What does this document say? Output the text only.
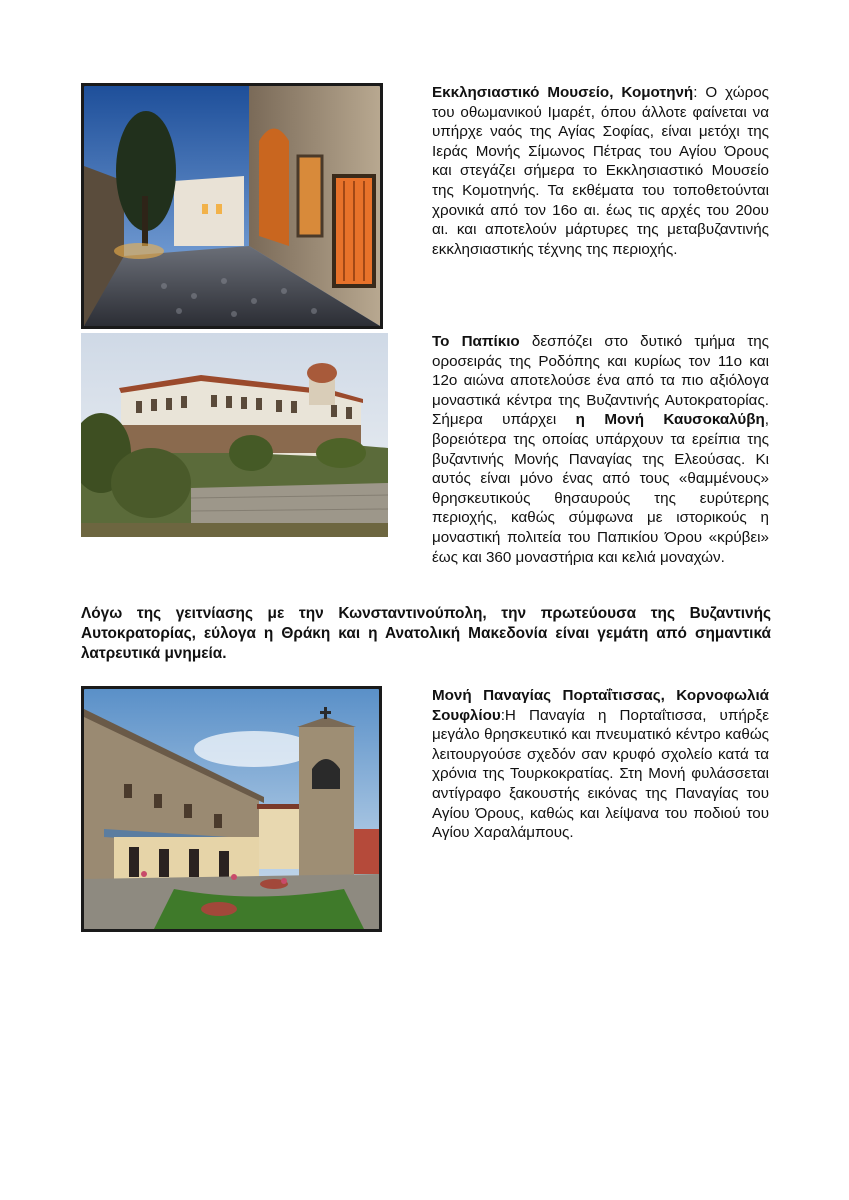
Εκκλησιαστικό Μουσείο, Κομοτηνή: Ο χώρος του οθωμανικού Ιμαρέτ, όπου άλλοτε φαίνεται να υπήρχε ναός της Αγίας Σοφίας, είναι μετόχι της Ιεράς Μονής Σίμωνος Πέτρας του Αγίου Όρους και στεγάζει σήμερα το Εκκλησιαστικό Μουσείο της Κομοτηνής. Τα εκθέματα του τοποθετούνται χρονικά από τον 16ο αι. έως τις αρχές του 20ου αι. και αποτελούν μάρτυρες της μεταβυζαντινής εκκλησιαστικής τέχνης της περιοχής.

Το Παπίκιο δεσπόζει στο δυτικό τμήμα της οροσειράς της Ροδόπης και κυρίως τον 11ο και 12ο αιώνα αποτελούσε ένα από τα πιο αξιόλογα μοναστικά κέντρα της Βυζαντινής Αυτοκρατορίας. Σήμερα υπάρχει η Μονή Καυσοκαλύβη, βορειότερα της οποίας υπάρχουν τα ερείπια της βυζαντινής Μονής Παναγίας της Ελεούσας. Κι αυτός είναι μόνο ένας από τους «θαμμένους» θρησκευτικούς θησαυρούς της ευρύτερης περιοχής, καθώς σύμφωνα με ιστορικούς η μοναστική πολιτεία του Παπικίου Όρου «κρύβει» έως και 360 μοναστήρια και κελιά μοναχών.

Λόγω της γειτνίασης με την Κωνσταντινούπολη, την πρωτεύουσα της Βυζαντινής Αυτοκρατορίας, εύλογα η Θράκη και η Ανατολική Μακεδονία είναι γεμάτη από σημαντικά λατρευτικά μνημεία.

Μονή Παναγίας Πορταΐτισσας, Κορνοφωλιά Σουφλίου:Η Παναγία η Πορταΐτισσα, υπήρξε μεγάλο θρησκευτικό και πνευματικό κέντρο καθώς λειτουργούσε σχεδόν σαν κρυφό σχολείο κατά τα χρόνια της Τουρκοκρατίας. Στη Μονή φυλάσσεται αντίγραφο ξακουστής εικόνας της Παναγίας του Αγίου Όρους, καθώς και λείψανα του ποδιού του Αγίου Χαραλάμπους.
